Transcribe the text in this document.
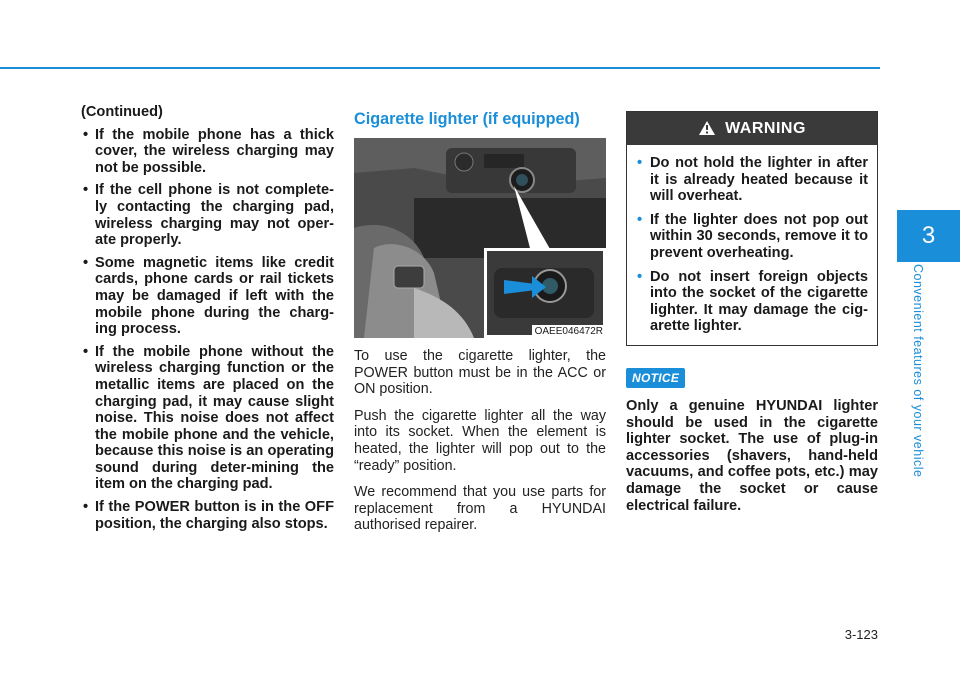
(Continued)
• If the mobile phone has a thick cover, the wireless charging may not be possible.
• If the cell phone is not complete-ly contacting the charging pad, wireless charging may not oper-ate properly.
• Some magnetic items like credit cards, phone cards or rail tickets may be damaged if left with the mobile phone during the charg-ing process.
• If the mobile phone without the wireless charging function or the metallic items are placed on the charging pad, it may cause slight noise. This noise does not affect the mobile phone and the vehicle, because this noise is an operating sound during deter-mining the item on the charging pad.
• If the POWER button is in the OFF position, the charging also stops.
Cigarette lighter (if equipped)
OAEE046472R

To use the cigarette lighter, the POWER button must be in the ACC or ON position.

Push the cigarette lighter all the way into its socket. When the element is heated, the lighter will pop out to the “ready” position.

We recommend that you use parts for replacement from a HYUNDAI authorised repairer.

WARNING
• Do not hold the lighter in after it is already heated because it will overheat.
• If the lighter does not pop out within 30 seconds, remove it to prevent overheating.
• Do not insert foreign objects into the socket of the cigarette lighter. It may damage the cig-arette lighter.
NOTICE
Only a genuine HYUNDAI lighter should be used in the cigarette lighter socket. The use of plug-in accessories (shavers, hand-held vacuums, and coffee pots, etc.) may damage the socket or cause electrical failure.
3
Convenient features of your vehicle
3-123
